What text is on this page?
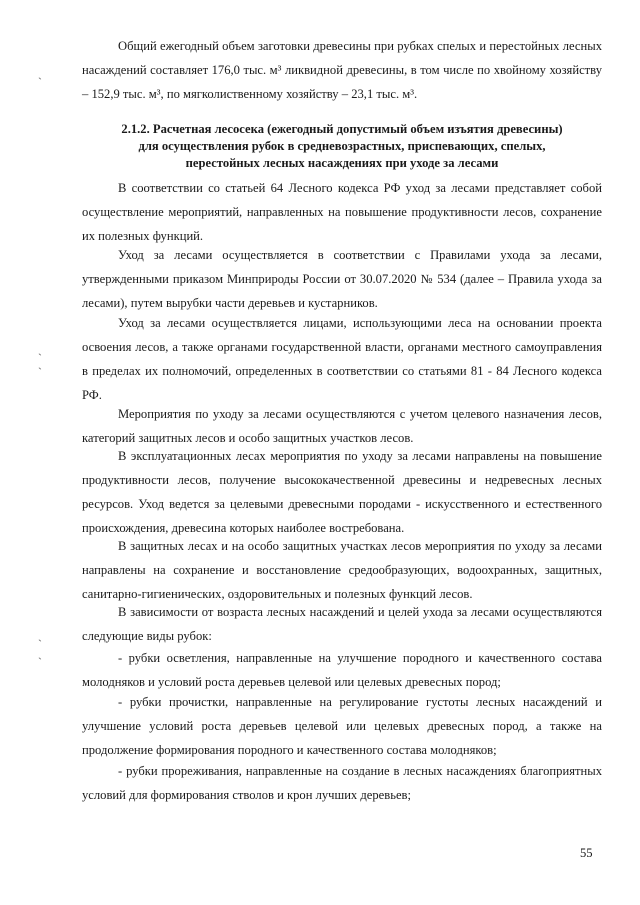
ˏ
ˏ
ˏ
ˏ
ˏ

Общий ежегодный объем заготовки древесины при рубках спелых и перестойных лесных насаждений составляет 176,0 тыс. м³ ликвидной древесины, в том числе по хвойному хозяйству – 152,9 тыс. м³, по мягколиственному хозяйству – 23,1 тыс. м³.

2.1.2. Расчетная лесосека (ежегодный допустимый объем изъятия древесины) для осуществления рубок в средневозрастных, приспевающих, спелых, перестойных лесных насаждениях при уходе за лесами

В соответствии со статьей 64 Лесного кодекса РФ уход за лесами представляет собой осуществление мероприятий, направленных на повышение продуктивности лесов, сохранение их полезных функций.

Уход за лесами осуществляется в соответствии с Правилами ухода за лесами, утвержденными приказом Минприроды России от 30.07.2020 № 534 (далее – Правила ухода за лесами), путем вырубки части деревьев и кустарников.

Уход за лесами осуществляется лицами, использующими леса на основании проекта освоения лесов, а также органами государственной власти, органами местного самоуправления в пределах их полномочий, определенных в соответствии со статьями 81 - 84 Лесного кодекса РФ.

Мероприятия по уходу за лесами осуществляются с учетом целевого назначения лесов, категорий защитных лесов и особо защитных участков лесов.

В эксплуатационных лесах мероприятия по уходу за лесами направлены на повышение продуктивности лесов, получение высококачественной древесины и недревесных лесных ресурсов. Уход ведется за целевыми древесными породами - искусственного и естественного происхождения, древесина которых наиболее востребована.

В защитных лесах и на особо защитных участках лесов мероприятия по уходу за лесами направлены на сохранение и восстановление средообразующих, водоохранных, защитных, санитарно-гигиенических, оздоровительных и полезных функций лесов.

В зависимости от возраста лесных насаждений и целей ухода за лесами осуществляются следующие виды рубок:

- рубки осветления, направленные на улучшение породного и качественного состава молодняков и условий роста деревьев целевой или целевых древесных пород;

- рубки прочистки, направленные на регулирование густоты лесных насаждений и улучшение условий роста деревьев целевой или целевых древесных пород, а также на продолжение формирования породного и качественного состава молодняков;

- рубки прореживания, направленные на создание в лесных насаждениях благоприятных условий для формирования стволов и крон лучших деревьев;

55
